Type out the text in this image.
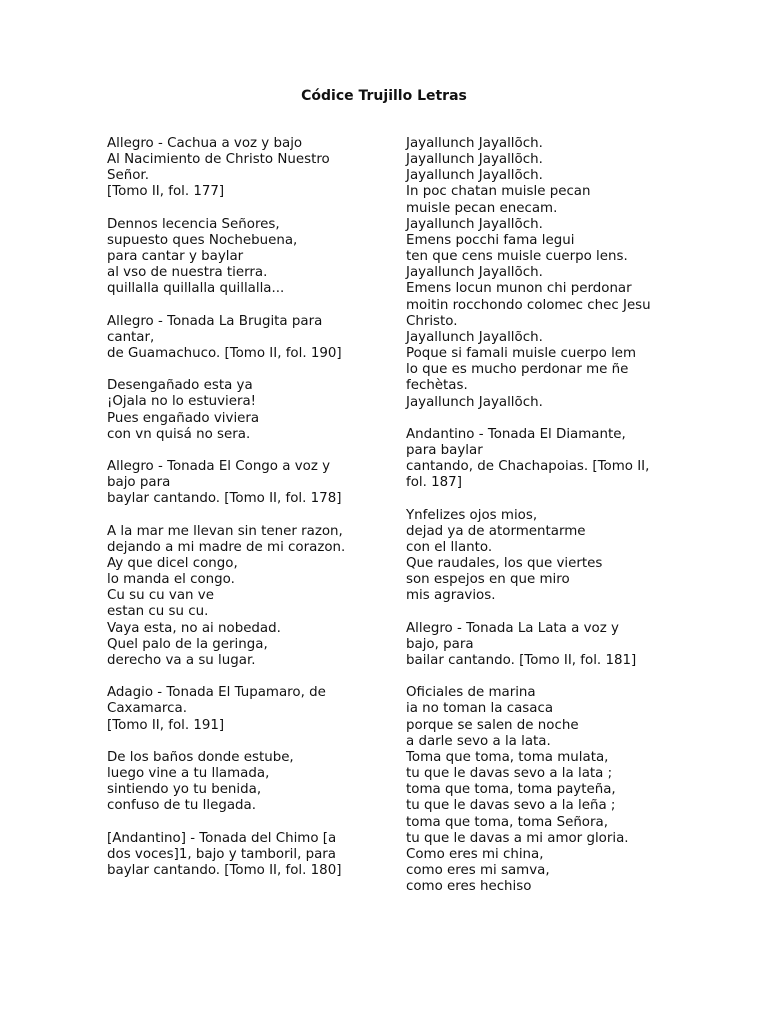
Códice Trujillo Letras
Allegro - Cachua a voz y bajo
Al Nacimiento de Christo Nuestro
Señor.
[Tomo II, fol. 177]
Dennos lecencia Señores,
supuesto ques Nochebuena,
para cantar y baylar
al vso de nuestra tierra.
quillalla quillalla quillalla...
Allegro - Tonada La Brugita para
cantar,
de Guamachuco. [Tomo II, fol. 190]
Desengañado esta ya
¡Ojala no lo estuviera!
Pues engañado viviera
con vn quisá no sera.
Allegro - Tonada El Congo a voz y
bajo para
baylar cantando. [Tomo II, fol. 178]
A la mar me llevan sin tener razon,
dejando a mi madre de mi corazon.
Ay que dicel congo,
lo manda el congo.
Cu su cu van ve
estan cu su cu.
Vaya esta, no ai nobedad.
Quel palo de la geringa,
derecho va a su lugar.
Adagio - Tonada El Tupamaro, de
Caxamarca.
[Tomo II, fol. 191]
De los baños donde estube,
luego vine a tu llamada,
sintiendo yo tu benida,
confuso de tu llegada.
[Andantino] - Tonada del Chimo [a
dos voces]1, bajo y tamboril, para
baylar cantando. [Tomo II, fol. 180]
Jayallunch Jayallõch.
Jayallunch Jayallõch.
Jayallunch Jayallõch.
In poc chatan muisle pecan
muisle pecan enecam.
Jayallunch Jayallõch.
Emens pocchi fama legui
ten que cens muisle cuerpo lens.
Jayallunch Jayallõch.
Emens locun munon chi perdonar
moitin rocchondo colomec chec Jesu
Christo.
Jayallunch Jayallõch.
Poque si famali muisle cuerpo lem
lo que es mucho perdonar me ñe
fechètas.
Jayallunch Jayallõch.
Andantino - Tonada El Diamante,
para baylar
cantando, de Chachapoias. [Tomo II,
fol. 187]
Ynfelizes ojos mios,
dejad ya de atormentarme
con el llanto.
Que raudales, los que viertes
son espejos en que miro
mis agravios.
Allegro - Tonada La Lata a voz y
bajo, para
bailar cantando. [Tomo II, fol. 181]
Oficiales de marina
ia no toman la casaca
porque se salen de noche
a darle sevo a la lata.
Toma que toma, toma mulata,
tu que le davas sevo a la lata ;
toma que toma, toma payteña,
tu que le davas sevo a la leña ;
toma que toma, toma Señora,
tu que le davas a mi amor gloria.
Como eres mi china,
como eres mi samva,
como eres hechiso
